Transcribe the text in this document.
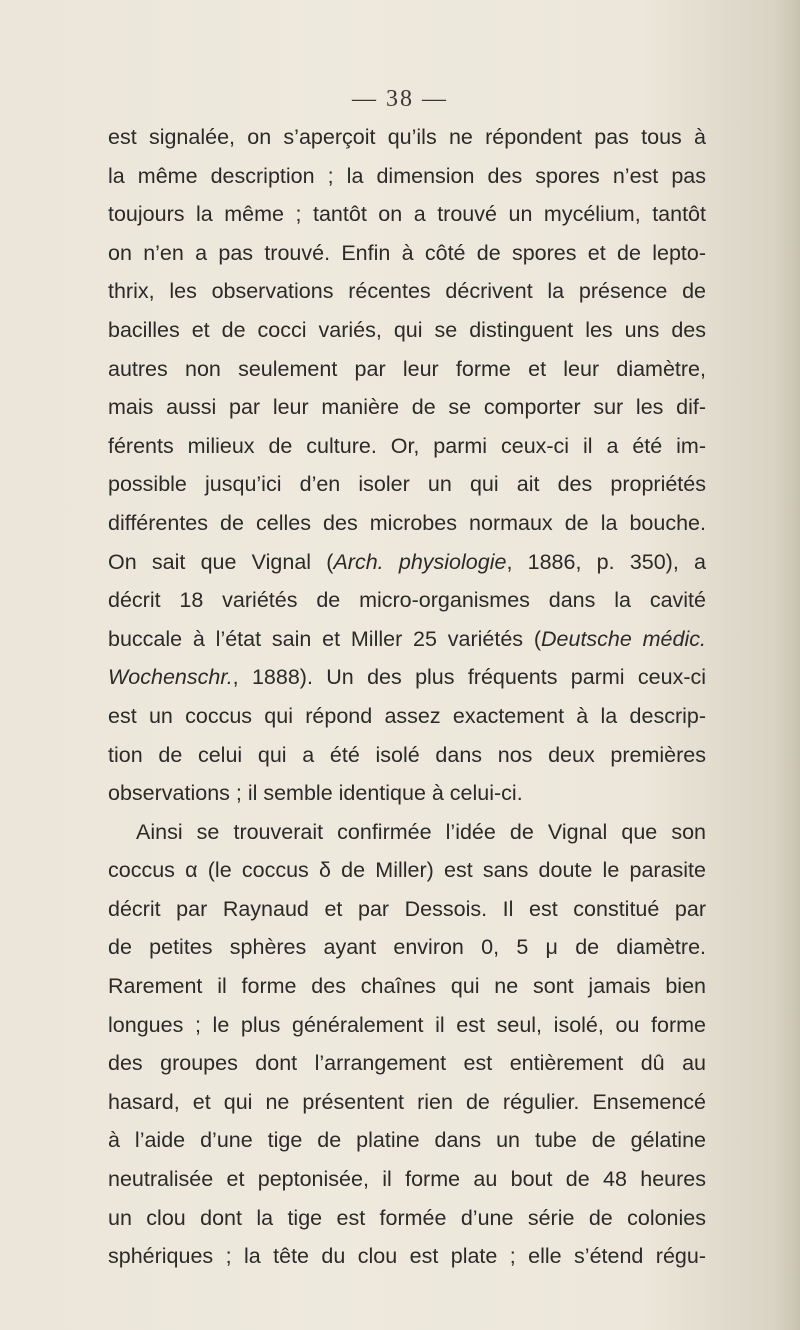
— 38 —
est signalée, on s’aperçoit qu’ils ne répondent pas tous à
la même description ; la dimension des spores n’est pas
toujours la même ; tantôt on a trouvé un mycélium, tantôt
on n’en a pas trouvé. Enfin à côté de spores et de lepto-
thrix, les observations récentes décrivent la présence de
bacilles et de cocci variés, qui se distinguent les uns des
autres non seulement par leur forme et leur diamètre,
mais aussi par leur manière de se comporter sur les dif-
férents milieux de culture. Or, parmi ceux-ci il a été im-
possible jusqu’ici d’en isoler un qui ait des propriétés
différentes de celles des microbes normaux de la bouche.
On sait que Vignal (Arch. physiologie, 1886, p. 350), a
décrit 18 variétés de micro-organismes dans la cavité
buccale à l’état sain et Miller 25 variétés (Deutsche médic.
Wochenschr., 1888). Un des plus fréquents parmi ceux-ci
est un coccus qui répond assez exactement à la descrip-
tion de celui qui a été isolé dans nos deux premières
observations ; il semble identique à celui-ci.
Ainsi se trouverait confirmée l’idée de Vignal que son
coccus α (le coccus δ de Miller) est sans doute le parasite
décrit par Raynaud et par Dessois. Il est constitué par
de petites sphères ayant environ 0, 5 μ de diamètre.
Rarement il forme des chaînes qui ne sont jamais bien
longues ; le plus généralement il est seul, isolé, ou forme
des groupes dont l’arrangement est entièrement dû au
hasard, et qui ne présentent rien de régulier. Ensemencé
à l’aide d’une tige de platine dans un tube de gélatine
neutralisée et peptonisée, il forme au bout de 48 heures
un clou dont la tige est formée d’une série de colonies
sphériques ; la tête du clou est plate ; elle s’étend régu-
